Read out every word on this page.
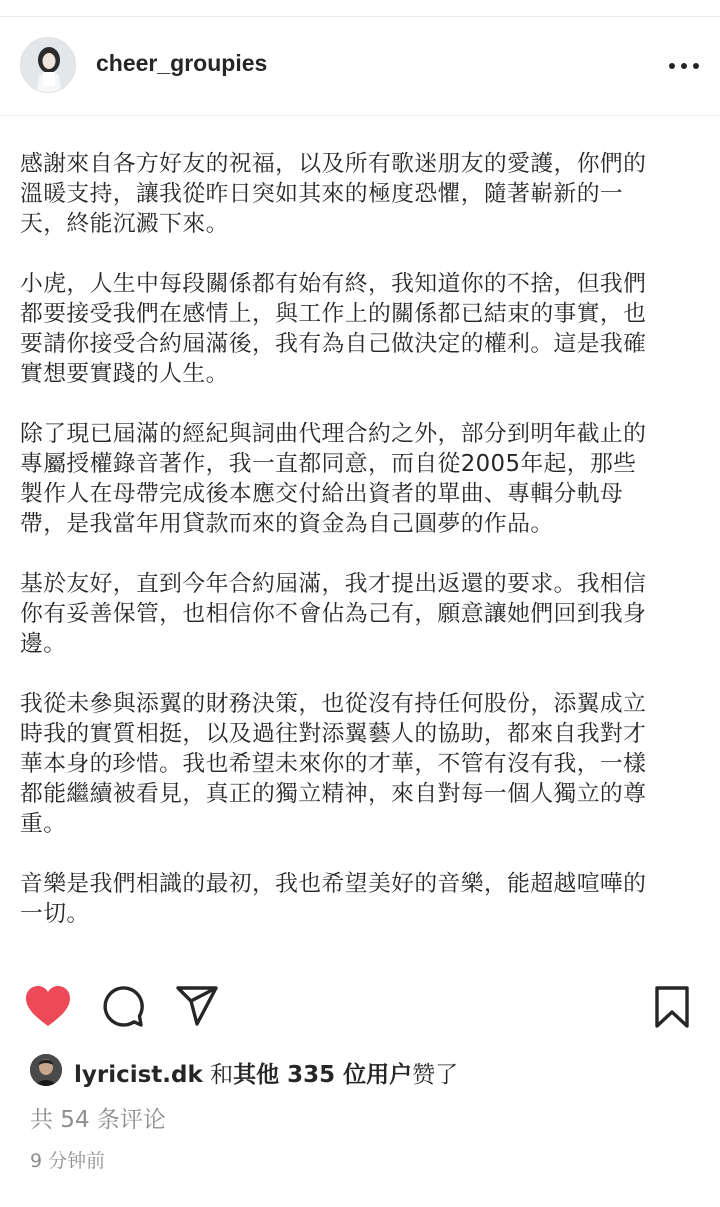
cheer_groupies

感謝來自各方好友的祝福，以及所有歌迷朋友的愛護，你們的
溫暖支持，讓我從昨日突如其來的極度恐懼，隨著嶄新的一
天，終能沉澱下來。

小虎，人生中每段關係都有始有終，我知道你的不捨，但我們
都要接受我們在感情上，與工作上的關係都已結束的事實，也
要請你接受合約屆滿後，我有為自己做決定的權利。這是我確
實想要實踐的人生。

除了現已屆滿的經紀與詞曲代理合約之外，部分到明年截止的
專屬授權錄音著作，我一直都同意，而自從2005年起，那些
製作人在母帶完成後本應交付給出資者的單曲、專輯分軌母
帶，是我當年用貸款而來的資金為自己圓夢的作品。

基於友好，直到今年合約屆滿，我才提出返還的要求。我相信
你有妥善保管，也相信你不會佔為己有，願意讓她們回到我身
邊。

我從未參與添翼的財務決策，也從沒有持任何股份，添翼成立
時我的實質相挺，以及過往對添翼藝人的協助，都來自我對才
華本身的珍惜。我也希望未來你的才華，不管有沒有我，一樣
都能繼續被看見，真正的獨立精神，來自對每一個人獨立的尊
重。

音樂是我們相識的最初，我也希望美好的音樂，能超越喧嘩的
一切。

lyricist.dk 和其他 335 位用户赞了
共 54 条评论
9 分钟前
